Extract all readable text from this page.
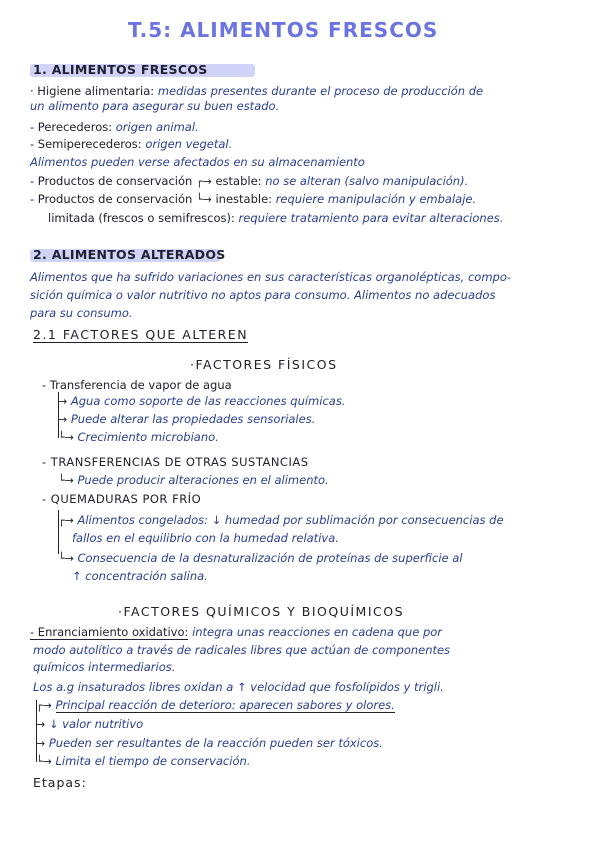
T.5: ALIMENTOS FRESCOS
1. ALIMENTOS FRESCOS
· Higiene alimentaria: medidas presentes durante el proceso de producción de
un alimento para asegurar su buen estado.
- Perecederos: origen animal.
- Semiperecederos: origen vegetal.
Alimentos pueden verse afectados en su almacenamiento
- Productos de conservación ┌→ estable: no se alteran (salvo manipulación).
- Productos de conservación └→ inestable: requiere manipulación y embalaje.
limitada (frescos o semifrescos): requiere tratamiento para evitar alteraciones.
2. ALIMENTOS ALTERADOS
Alimentos que ha sufrido variaciones en sus características organolépticas, compo-
sición química o valor nutritivo no aptos para consumo. Alimentos no adecuados
para su consumo.
2.1 FACTORES QUE ALTEREN
·FACTORES FÍSICOS
- Transferencia de vapor de agua
→ Agua como soporte de las reacciones químicas.
→ Puede alterar las propiedades sensoriales.
└→ Crecimiento microbiano.
- TRANSFERENCIAS DE OTRAS SUSTANCIAS
└→ Puede producir alteraciones en el alimento.
- QUEMADURAS POR FRÍO
┌→ Alimentos congelados: ↓ humedad por sublimación por consecuencias de
fallos en el equilibrio con la humedad relativa.
└→ Consecuencia de la desnaturalización de proteínas de superficie al
↑ concentración salina.
·FACTORES QUÍMICOS Y BIOQUÍMICOS
- Enranciamiento oxidativo: integra unas reacciones en cadena que por
modo autolítico a través de radicales libres que actúan de componentes
químicos intermediarios.
Los a.g insaturados libres oxidan a ↑ velocidad que fosfolípidos y trigli.
┌→ Principal reacción de deterioro: aparecen sabores y olores.
→ ↓ valor nutritivo
→ Pueden ser resultantes de la reacción pueden ser tóxicos.
└→ Limita el tiempo de conservación.
Etapas:
